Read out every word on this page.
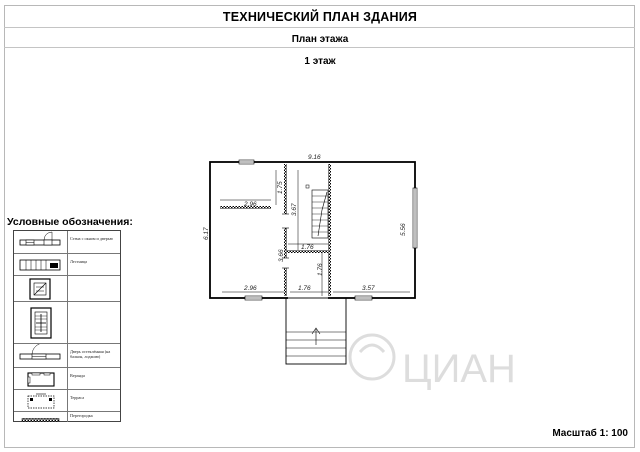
ТЕХНИЧЕСКИЙ ПЛАН ЗДАНИЯ
План этажа
1 этаж
Условные обозначения:
Стена с окном и дверью
Лестница
Дверь остеклённая (на балкон, лоджию)
Веранда
Терраса
Перегородка
ЦИАН
9.16
6.17	5.56
2.96
1.75
3.67
3.66
1.76
1.76
2.96	1.76	3.57
Масштаб 1: 100
